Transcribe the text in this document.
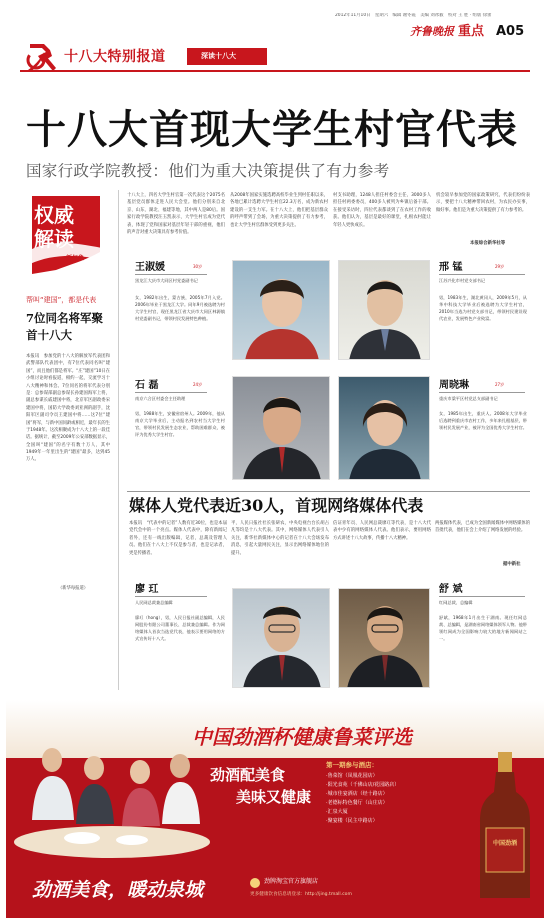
2012年11月10日　星期六　编辑 谢冬霞　美编 刘冰毅　校对 王 胜 · 组版 徐蕾
齐鲁晚报 重点 A05
十八大特别报道	深读十八大
十八大首现大学生村官代表
国家行政学院教授：他们为重大决策提供了有力参考
权威
解读
新气象
帮叫“建国”，都是代表
7位同名将军聚首十八大
本报讯　参加党的十八大的解放军代表团和武警部队代表团中，有7位代表同名叫“建国”，而且他们都是将军。“庄”建国”10日在小组讨论时看报道，相约一起，交流学习十八大精神和体会。7位同名的将军代表分别是：总参谋部副总参谋长孙建国海军上将，副总参谋长戚建国中将，北京军区副政委宋建国中将，国防大学政委刘亚洲的副手，沈阳军区副司令员王建国中将……这7位“建国”将军，与新中国同龄或相近，最年长的生于1948年。这次相聚成为十八大上的一段佳话。据统计，截至2009年公安部数据显示，全国叫“建国”的名字有数十万人，其中1949年一年里出生的“建国”最多，达到45万人。
（新华每报道）
十八大上，四名大学生村官第一次代表这个2075名基层党员群体走进人民大会堂。他们分别来自北京、山东、湖北、福建等地，其中两人是80后。国家行政学院教授汪玉凯表示，大学生村官成为党代表，体现了党和国家对基层年轻干部的重视，他们的声音对重大决策具有参考价值。
从2008年国家实施选聘高校毕业生到村任职以来，各地已累计选聘大学生村官22.3万名，成为新农村建设的一支生力军。在十八大上，他们把基层群众的呼声带到了会场，为重大决策提供了有力参考，也让大学生村官群体受到更多关注。
村支书助理，1248人担任村委会主任，3000多人担任村两委委员，400多人被列为乡镇后备干部。在接受采访时，四位代表都谈到了在农村工作的收获。他们认为，基层是最好的课堂，扎根农村能让年轻人更快成长。
机会较早参加党的国家政策研究，代表们纷纷表示，要把十八大精神带回农村，为农民办实事，做好事。他们是为重大决策提供了有力参考的。
本报综合新华社等
王淑媛	30岁
黑龙江大庆市大同区村党委副书记
女，1982年出生，蒙古族，2005年7月入党。2006年毕业于黑龙江大学。同年9月被选聘为村大学生村官，现任黑龙江省大庆市大同区林源镇村党委副书记，带领村民发展特色种植。
邢 锰	29岁
江苏兴化市村党支部书记
男，1983年生，湖北黄冈人，2009年5月，从华中科技大学毕业后被选聘为大学生村官，2010年当选为村党支部书记，带领村民建设现代农业，发展特色产业致富。
石 磊	24岁
南京六合区村委会主任助理
男，1988年生，安徽省宿州人。2009年，他从南京大学毕业后，主动报名到农村当大学生村官，带领村民发展生态农业，帮助困难群众，被评为优秀大学生村官。
周晓琳	27岁
重庆市梁平区村党总支部副书记
女，1985年出生，重庆人。2008年大学毕业后选聘到重庆市农村工作，多年来扎根基层，带领村民发展产业，被评为全国优秀大学生村官。
媒体人党代表近30人，首现网络媒体代表
本报讯　“代表中的记者”人数有近30位，也是本届党代会中的一个亮点。媒体人代表中，除有新闻记者外，还有一线出版编辑，记者，总裁及管理人员。他们在十八大上不仅是参与者，也是记录者，更是传播者。
平，人民日报社社长张研农，中央电视台台长胡占凡等均是十八大代表。其中，网络媒体人代表引人关注，新华社新媒体中心的记者在十八大会场发布消息，引起大量网民关注，显示出网络媒体地位的提升。
信证青年员、人民网总裁廖玒等代表，是十八大代表中少有的网络媒体人代表。他们表示，要用网络方式讲述十八大故事，传播十八大精神。
两报媒体代表，已成为全国新闻媒体中网络媒体的首批代表，他们在会上介绍了网络发展的经验。
据中新社
廖 玒
人民网总裁兼总编辑
廖玒（hong），男，人民日报社副总编辑，人民网股份有限公司董事长、总裁兼总编辑。作为网络媒体人首次当选党代表，他表示要用网络的方式宣传好十八大。
舒 斌
红网总裁、总编辑
舒斌，1968年1月出生于湖南。现任红网总裁、总编辑，是湖南省网络媒体领军人物。他带领红网成为全国影响力较大的地方新闻网站之一。
中国劲酒杯健康鲁菜评选
劲酒配美食
美味又健康
第一期参与酒店：
·鲁菜馆（凤凰花园店）
·阳光食苑（千佛山店/花园路店）
·城市佳宴酒店（经十路店）
·老德标特色餐厅（山庄店）
·汇泉大厦
·聚宴楼（民主中路店）
中国劲酒
劲酒美食，暖动泉城	劲牌淘宝官方旗舰店
更多健康饮食信息请登录：http://jing.tmall.com
